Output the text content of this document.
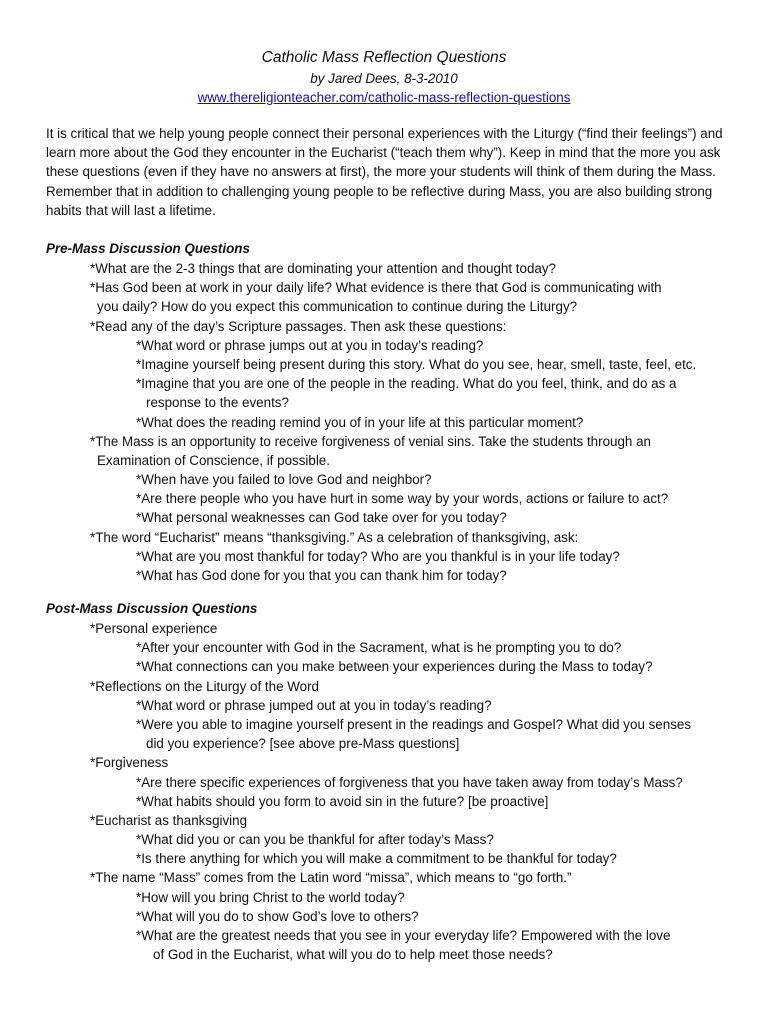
Catholic Mass Reflection Questions
by Jared Dees, 8-3-2010
www.thereligionteacher.com/catholic-mass-reflection-questions

It is critical that we help young people connect their personal experiences with the Liturgy (“find their feelings”) and learn more about the God they encounter in the Eucharist (“teach them why”). Keep in mind that the more you ask these questions (even if they have no answers at first), the more your students will think of them during the Mass. Remember that in addition to challenging young people to be reflective during Mass, you are also building strong habits that will last a lifetime.

Pre-Mass Discussion Questions
*What are the 2-3 things that are dominating your attention and thought today?
*Has God been at work in your daily life? What evidence is there that God is communicating with
you daily? How do you expect this communication to continue during the Liturgy?
*Read any of the day’s Scripture passages. Then ask these questions:
*What word or phrase jumps out at you in today’s reading?
*Imagine yourself being present during this story. What do you see, hear, smell, taste, feel, etc.
*Imagine that you are one of the people in the reading. What do you feel, think, and do as a
response to the events?
*What does the reading remind you of in your life at this particular moment?
*The Mass is an opportunity to receive forgiveness of venial sins. Take the students through an
Examination of Conscience, if possible.
*When have you failed to love God and neighbor?
*Are there people who you have hurt in some way by your words, actions or failure to act?
*What personal weaknesses can God take over for you today?
*The word “Eucharist” means “thanksgiving.” As a celebration of thanksgiving, ask:
*What are you most thankful for today? Who are you thankful is in your life today?
*What has God done for you that you can thank him for today?
Post-Mass Discussion Questions
*Personal experience
*After your encounter with God in the Sacrament, what is he prompting you to do?
*What connections can you make between your experiences during the Mass to today?
*Reflections on the Liturgy of the Word
*What word or phrase jumped out at you in today’s reading?
*Were you able to imagine yourself present in the readings and Gospel? What did you senses
did you experience? [see above pre-Mass questions]
*Forgiveness
*Are there specific experiences of forgiveness that you have taken away from today’s Mass?
*What habits should you form to avoid sin in the future? [be proactive]
*Eucharist as thanksgiving
*What did you or can you be thankful for after today’s Mass?
*Is there anything for which you will make a commitment to be thankful for today?
*The name “Mass” comes from the Latin word “missa”, which means to “go forth.”
*How will you bring Christ to the world today?
*What will you do to show God’s love to others?
*What are the greatest needs that you see in your everyday life? Empowered with the love
of God in the Eucharist, what will you do to help meet those needs?
